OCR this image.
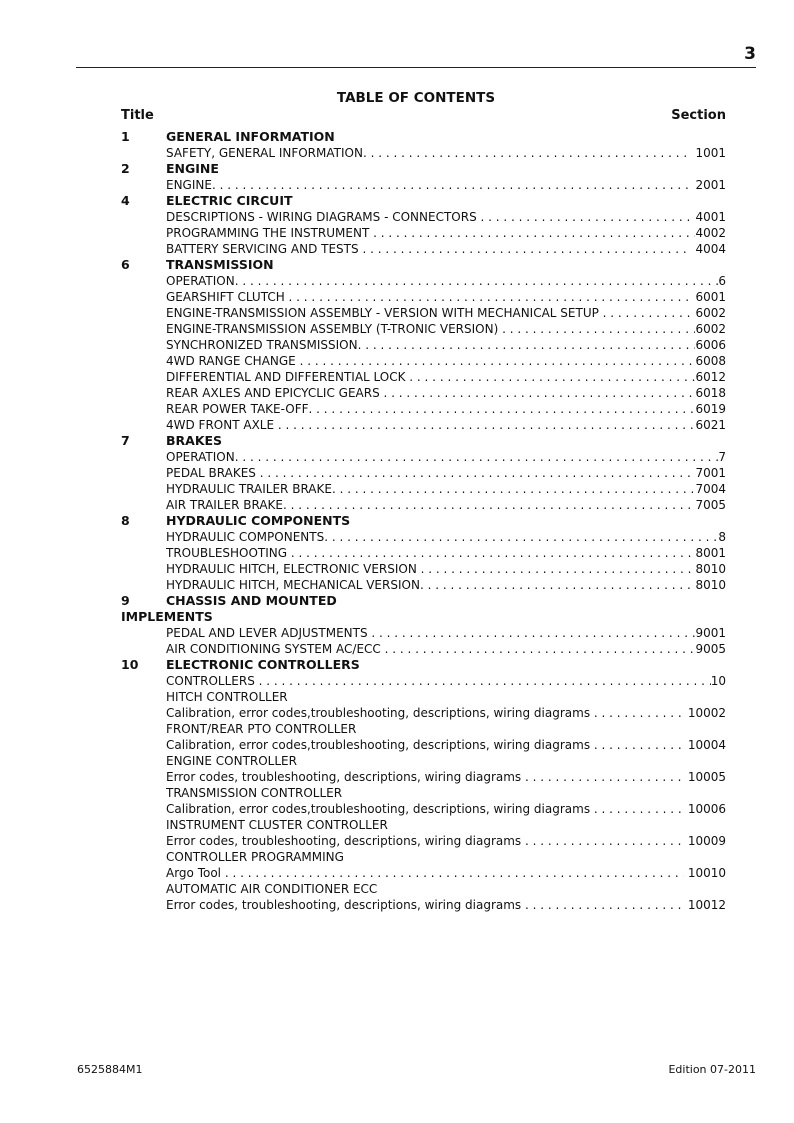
3
TABLE OF CONTENTS
Title	Section
1	GENERAL INFORMATION
SAFETY, GENERAL INFORMATION . . .	1001
2	ENGINE
ENGINE . . .	2001
4	ELECTRIC CIRCUIT
DESCRIPTIONS - WIRING DIAGRAMS - CONNECTORS . . .	4001
PROGRAMMING THE INSTRUMENT . . .	4002
BATTERY SERVICING AND TESTS . . .	4004
6	TRANSMISSION
OPERATION . . .	6
GEARSHIFT CLUTCH . . .	6001
ENGINE-TRANSMISSION ASSEMBLY - VERSION WITH MECHANICAL SETUP . . .	6002
ENGINE-TRANSMISSION ASSEMBLY (T-TRONIC VERSION) . . .	6002
SYNCHRONIZED TRANSMISSION . . .	6006
4WD RANGE CHANGE . . .	6008
DIFFERENTIAL AND DIFFERENTIAL LOCK . . .	6012
REAR AXLES AND EPICYCLIC GEARS . . .	6018
REAR POWER TAKE-OFF . . .	6019
4WD FRONT AXLE . . .	6021
7	BRAKES
OPERATION . . .	7
PEDAL BRAKES . . .	7001
HYDRAULIC TRAILER BRAKE . . .	7004
AIR TRAILER BRAKE . . .	7005
8	HYDRAULIC COMPONENTS
HYDRAULIC COMPONENTS . . .	8
TROUBLESHOOTING . . .	8001
HYDRAULIC HITCH, ELECTRONIC VERSION . . .	8010
HYDRAULIC HITCH, MECHANICAL VERSION . . .	8010
9	CHASSIS AND MOUNTED
IMPLEMENTS
PEDAL AND LEVER ADJUSTMENTS . . .	9001
AIR CONDITIONING SYSTEM AC/ECC . . .	9005
10 ELECTRONIC CONTROLLERS
CONTROLLERS . . .	10
HITCH CONTROLLER
Calibration, error codes,troubleshooting, descriptions, wiring diagrams . . .	10002
FRONT/REAR PTO CONTROLLER
Calibration, error codes,troubleshooting, descriptions, wiring diagrams . . .	10004
ENGINE CONTROLLER
Error codes, troubleshooting, descriptions, wiring diagrams . . .	10005
TRANSMISSION CONTROLLER
Calibration, error codes,troubleshooting, descriptions, wiring diagrams . . .	10006
INSTRUMENT CLUSTER CONTROLLER
Error codes, troubleshooting, descriptions, wiring diagrams . . .	10009
CONTROLLER PROGRAMMING
Argo Tool . . .	10010
AUTOMATIC AIR CONDITIONER ECC
Error codes, troubleshooting, descriptions, wiring diagrams . . .	10012
6525884M1	Edition 07-2011
